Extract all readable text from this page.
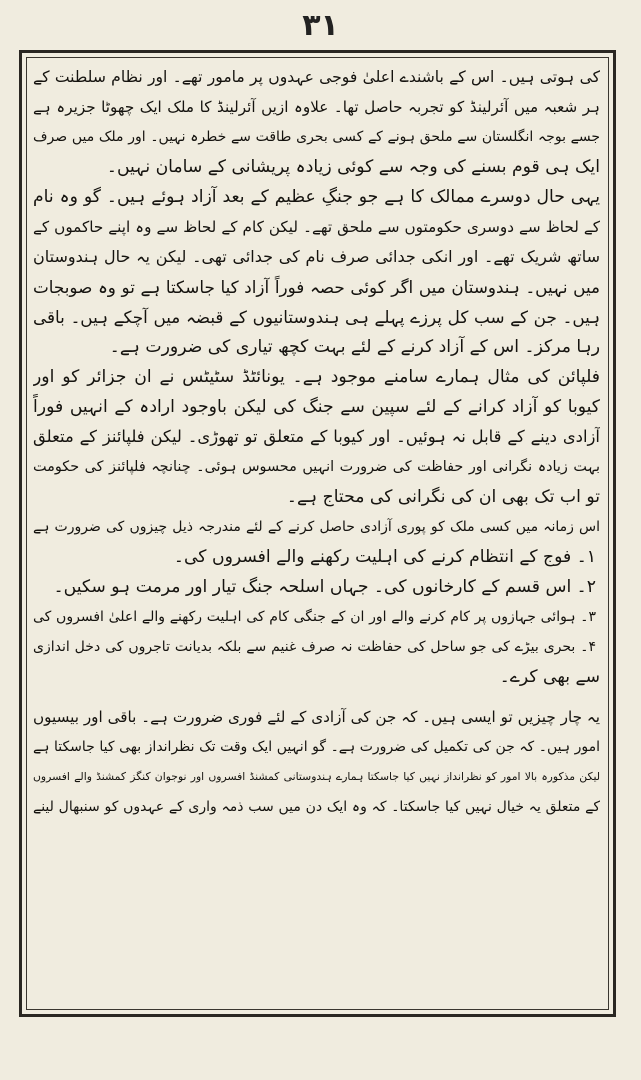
۳۱
کی ہوتی ہیں۔ اس کے باشندے اعلیٰ فوجی عہدوں پر مامور تھے۔ اور نظام سلطنت کے
ہر شعبہ میں آئرلینڈ کو تجربہ حاصل تھا۔ علاوہ ازیں آئرلینڈ کا ملک ایک چھوٹا جزیرہ ہے
جسے بوجہ انگلستان سے ملحق ہونے کے کسی بحری طاقت سے خطرہ نہیں۔ اور ملک میں صرف
ایک ہی قوم بسنے کی وجہ سے کوئی زیادہ پریشانی کے سامان نہیں۔
یہی حال دوسرے ممالک کا ہے جو جنگِ عظیم کے بعد آزاد ہوئے ہیں۔ گو وہ نام
کے لحاظ سے دوسری حکومتوں سے ملحق تھے۔ لیکن کام کے لحاظ سے وہ اپنے حاکموں کے
ساتھ شریک تھے۔ اور انکی جدائی صرف نام کی جدائی تھی۔ لیکن یہ حال ہندوستان
میں نہیں۔ ہندوستان میں اگر کوئی حصہ فوراً آزاد کیا جاسکتا ہے تو وہ صوبجات
ہیں۔ جن کے سب کل پرزے پہلے ہی ہندوستانیوں کے قبضہ میں آچکے ہیں۔ باقی
رہا مرکز۔ اس کے آزاد کرنے کے لئے بہت کچھ تیاری کی ضرورت ہے۔
فلپائن کی مثال ہمارے سامنے موجود ہے۔ یونائٹڈ سٹیٹس نے ان جزائر کو اور
کیوبا کو آزاد کرانے کے لئے سپین سے جنگ کی لیکن باوجود ارادہ کے انہیں فوراً
آزادی دینے کے قابل نہ ہوئیں۔ اور کیوبا کے متعلق تو تھوڑی۔ لیکن فلپائنز کے متعلق
بہت زیادہ نگرانی اور حفاظت کی ضرورت انہیں محسوس ہوئی۔ چنانچہ فلپائنز کی حکومت
تو اب تک بھی ان کی نگرانی کی محتاج ہے۔
اس زمانہ میں کسی ملک کو پوری آزادی حاصل کرنے کے لئے مندرجہ ذیل چیزوں کی ضرورت ہے
۱۔ فوج کے انتظام کرنے کی اہلیت رکھنے والے افسروں کی۔
۲۔ اس قسم کے کارخانوں کی۔ جہاں اسلحہ جنگ تیار اور مرمت ہو سکیں۔
۳۔ ہوائی جہازوں پر کام کرنے والے اور ان کے جنگی کام کی اہلیت رکھنے والے اعلیٰ افسروں کی
۴۔ بحری بیڑے کی جو ساحل کی حفاظت نہ صرف غنیم سے بلکہ بدیانت تاجروں کی دخل اندازی
سے بھی کرے۔
یہ چار چیزیں تو ایسی ہیں۔ کہ جن کی آزادی کے لئے فوری ضرورت ہے۔ باقی اور بیسیوں
امور ہیں۔ کہ جن کی تکمیل کی ضرورت ہے۔ گو انہیں ایک وقت تک نظرانداز بھی کیا جاسکتا ہے
لیکن مذکورہ بالا امور کو نظرانداز نہیں کیا جاسکتا ہمارے ہندوستانی کمشنڈ افسروں اور نوجوان کنگز کمشنڈ والے افسروں
کے متعلق یہ خیال نہیں کیا جاسکتا۔ کہ وہ ایک دن میں سب ذمہ واری کے عہدوں کو سنبھال لینے
